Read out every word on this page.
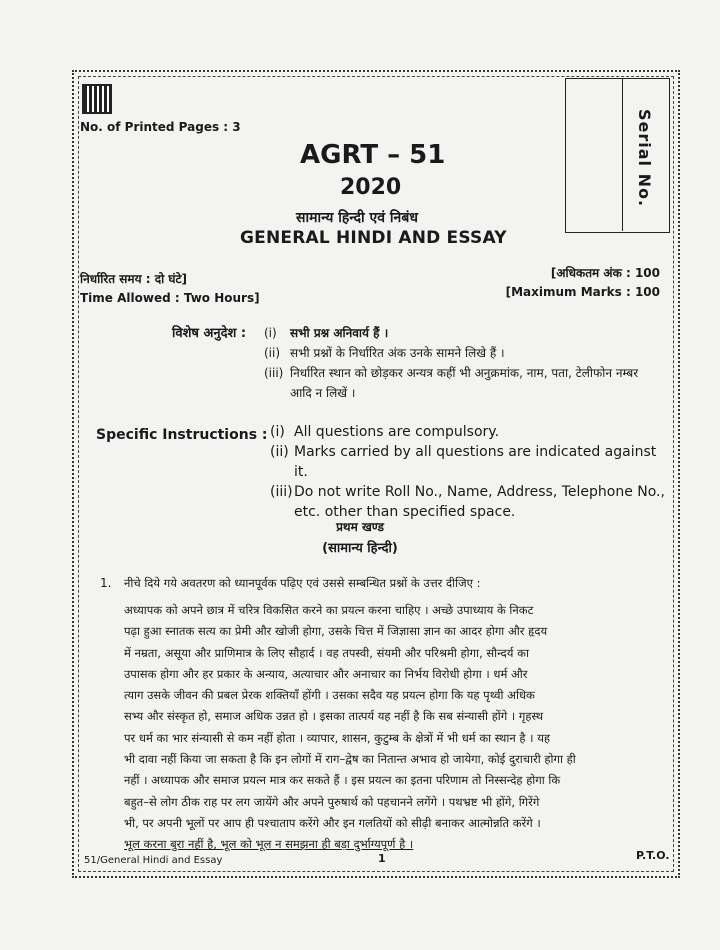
No. of Printed Pages : 3	Serial No.
AGRT – 51
2020
सामान्य हिन्दी एवं निबंध
GENERAL HINDI AND ESSAY
निर्धारित समय : दो घंटे]
Time Allowed : Two Hours]
[अधिकतम अंक : 100
[Maximum Marks : 100
विशेष अनुदेश : (i)	सभी प्रश्न अनिवार्य हैं ।
(ii) सभी प्रश्नों के निर्धारित अंक उनके सामने लिखे हैं ।
(iii) निर्धारित स्थान को छोड़कर अन्यत्र कहीं भी अनुक्रमांक, नाम, पता, टेलीफोन नम्बर आदि न लिखें ।
Specific Instructions : (i) All questions are compulsory.
(ii) Marks carried by all questions are indicated against it.
(iii) Do not write Roll No., Name, Address, Telephone No., etc. other than specified space.
प्रथम खण्ड
(सामान्य हिन्दी)
1. नीचे दिये गये अवतरण को ध्यानपूर्वक पढ़िए एवं उससे सम्बन्धित प्रश्नों के उत्तर दीजिए :
अध्यापक को अपने छात्र में चरित्र विकसित करने का प्रयत्न करना चाहिए । अच्छे उपाध्याय के निकट
पढ़ा हुआ स्नातक सत्य का प्रेमी और खोजी होगा, उसके चित्त में जिज्ञासा ज्ञान का आदर होगा और हृदय
में नम्रता, असूया और प्राणिमात्र के लिए सौहार्द । वह तपस्वी, संयमी और परिश्रमी होगा, सौन्दर्य का
उपासक होगा और हर प्रकार के अन्याय, अत्याचार और अनाचार का निर्भय विरोधी होगा । धर्म और
त्याग उसके जीवन की प्रबल प्रेरक शक्तियाँ होंगी । उसका सदैव यह प्रयत्न होगा कि यह पृथ्वी अधिक
सभ्य और संस्कृत हो, समाज अधिक उन्नत हो । इसका तात्पर्य यह नहीं है कि सब संन्यासी होंगे । गृहस्थ
पर धर्म का भार संन्यासी से कम नहीं होता । व्यापार, शासन, कुटुम्ब के क्षेत्रों में भी धर्म का स्थान है । यह
भी दावा नहीं किया जा सकता है कि इन लोगों में राग–द्वेष का नितान्त अभाव हो जायेगा, कोई दुराचारी होगा ही
नहीं । अध्यापक और समाज प्रयत्न मात्र कर सकते हैं । इस प्रयत्न का इतना परिणाम तो निस्सन्देह होगा कि
बहुत–से लोग ठीक राह पर लग जायेंगे और अपने पुरुषार्थ को पहचानने लगेंगे । पथभ्रष्ट भी होंगे, गिरेंगे
भी, पर अपनी भूलों पर आप ही पश्चाताप करेंगे और इन गलतियों को सीढ़ी बनाकर आत्मोन्नति करेंगे ।
भूल करना बुरा नहीं है, भूल को भूल न समझना ही बड़ा दुर्भाग्यपूर्ण है ।
51/General Hindi and Essay	1	P.T.O.
